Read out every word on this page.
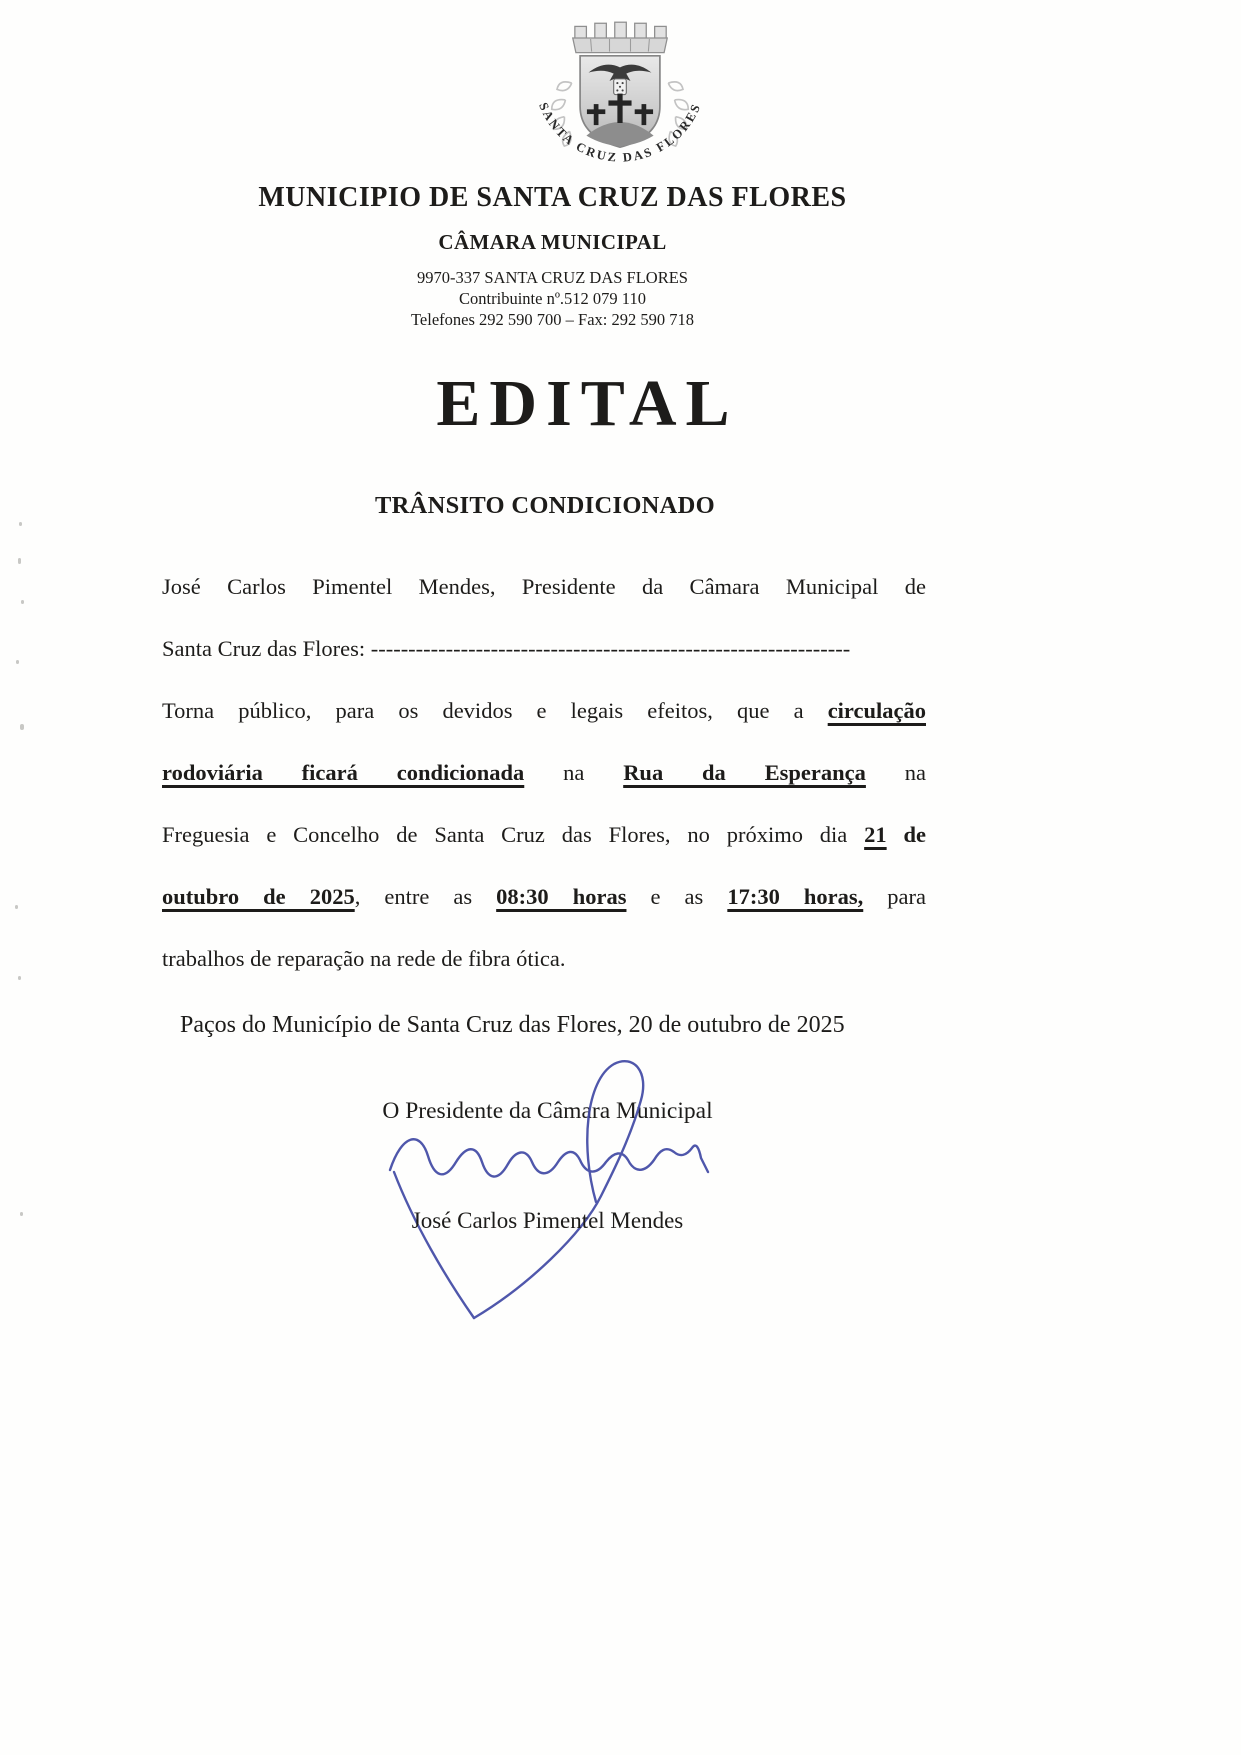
SANTA CRUZ DAS FLORES
MUNICIPIO DE SANTA CRUZ DAS FLORES
CÂMARA MUNICIPAL
9970-337 SANTA CRUZ DAS FLORES
Contribuinte nº.512 079 110
Telefones 292 590 700 – Fax: 292 590 718
EDITAL
TRÂNSITO CONDICIONADO
José Carlos Pimentel Mendes, Presidente da Câmara Municipal de
Santa Cruz das Flores: ----------------------------------------------------------------
Torna público, para os devidos e legais efeitos, que a circulação
rodoviária ficará condicionada na Rua da Esperança na
Freguesia e Concelho de Santa Cruz das Flores, no próximo dia 21 de
outubro de 2025, entre as 08:30 horas e as 17:30 horas, para
trabalhos de reparação na rede de fibra ótica.
Paços do Município de Santa Cruz das Flores, 20 de outubro de 2025
O Presidente da Câmara Municipal
José Carlos Pimentel Mendes
